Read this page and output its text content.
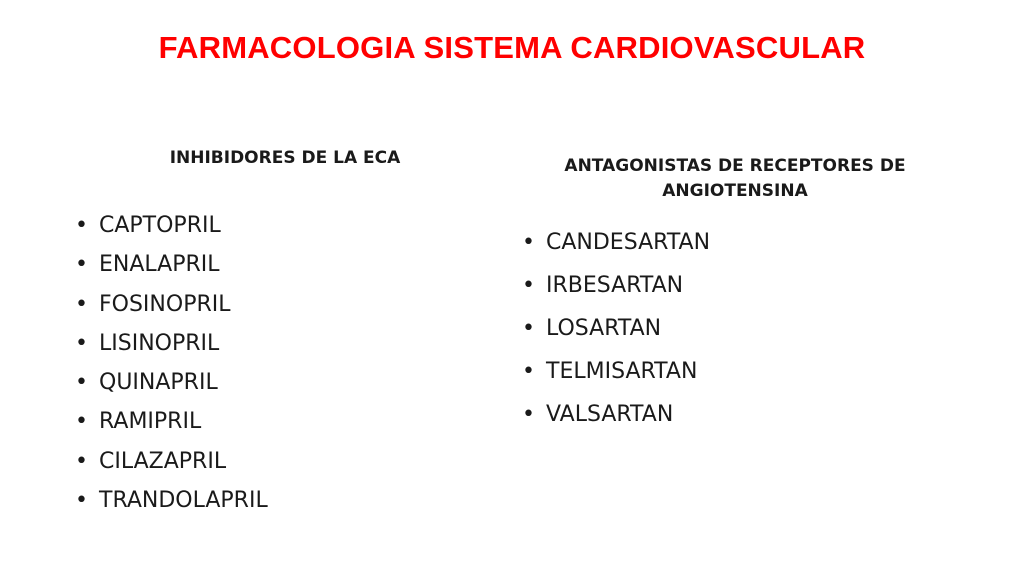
FARMACOLOGIA SISTEMA CARDIOVASCULAR
INHIBIDORES DE LA ECA
• CAPTOPRIL
• ENALAPRIL
• FOSINOPRIL
• LISINOPRIL
• QUINAPRIL
• RAMIPRIL
• CILAZAPRIL
• TRANDOLAPRIL
ANTAGONISTAS DE RECEPTORES DE ANGIOTENSINA
• CANDESARTAN
• IRBESARTAN
• LOSARTAN
• TELMISARTAN
• VALSARTAN
